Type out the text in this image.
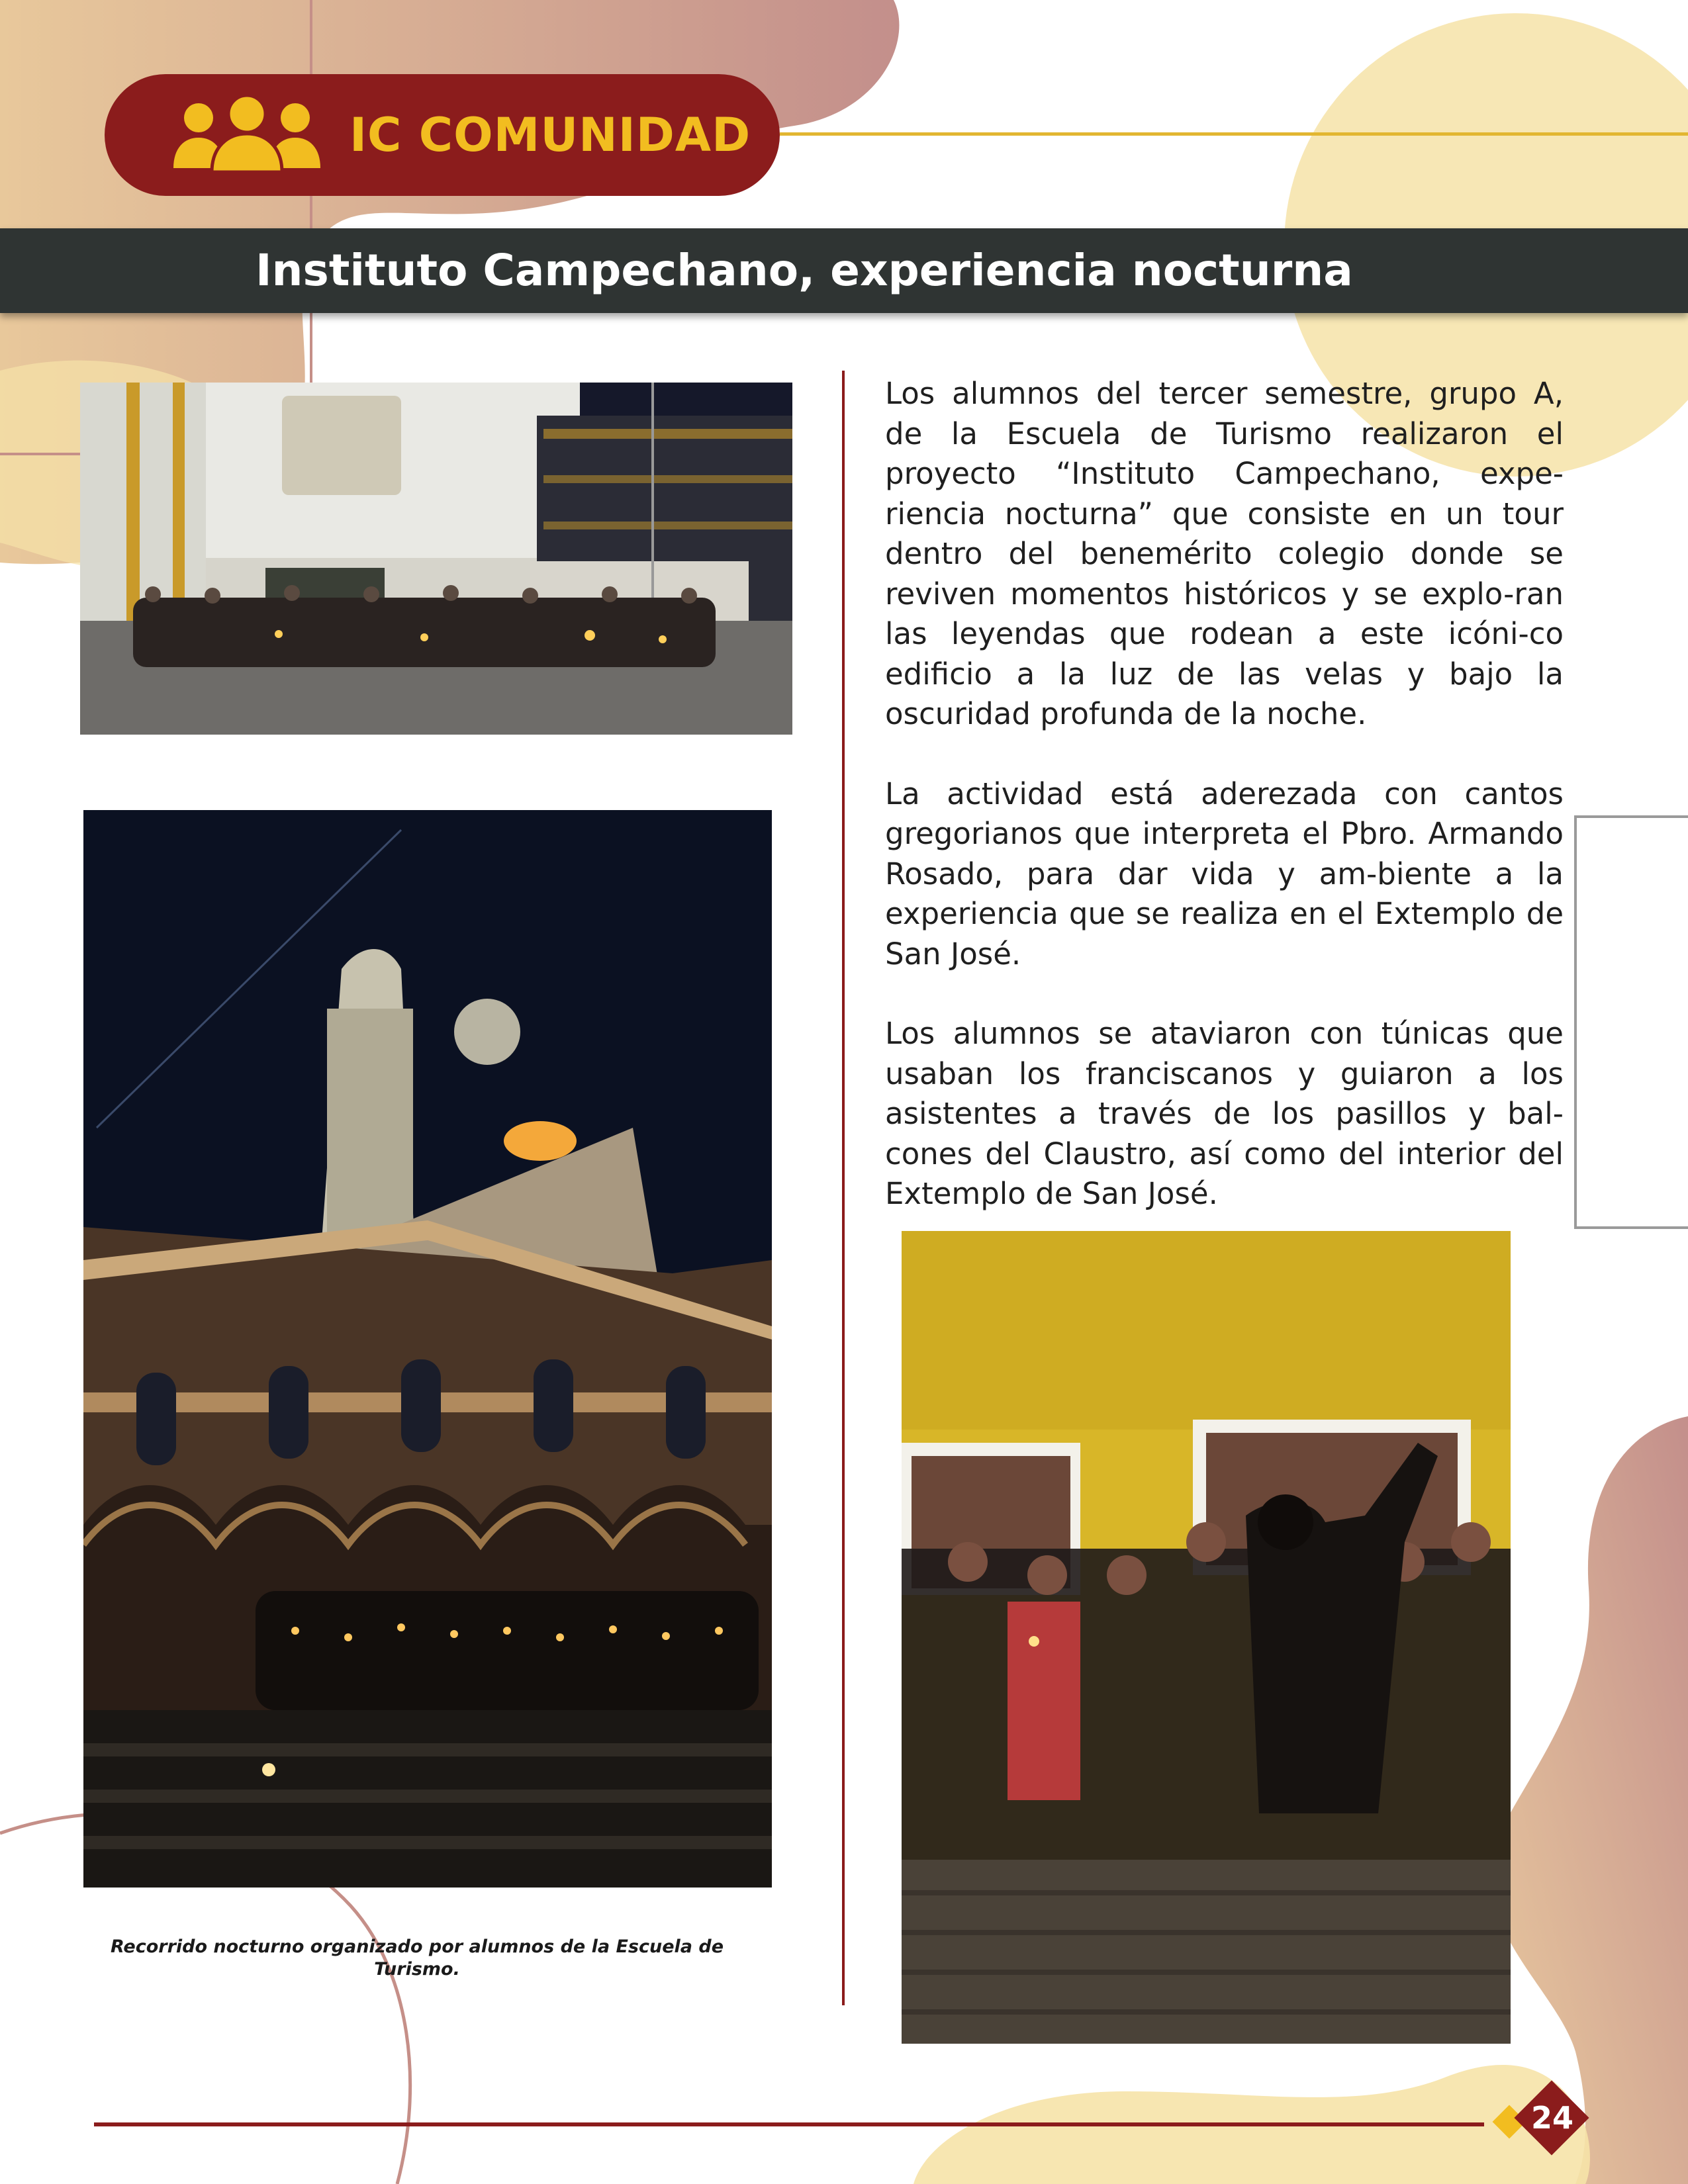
IC COMUNIDAD
Instituto Campechano, experiencia nocturna
Recorrido nocturno organizado por alumnos de la Escuela de Turismo.

Los alumnos del tercer semestre, grupo A, de la Escuela de Turismo realizaron el proyecto “Instituto Campechano, expe-riencia nocturna” que consiste en un tour dentro del benemérito colegio donde se reviven momentos históricos y se explo-ran las leyendas que rodean a este icóni-co edificio a la luz de las velas y bajo la oscuridad profunda de la noche.

La actividad está aderezada con cantos gregorianos que interpreta el Pbro. Armando Rosado, para dar vida y am-biente a la experiencia que se realiza en el Extemplo de San José.

Los alumnos se ataviaron con túnicas que usaban los franciscanos y guiaron a los asistentes a través de los pasillos y bal-cones del Claustro, así como del interior del Extemplo de San José.

24
